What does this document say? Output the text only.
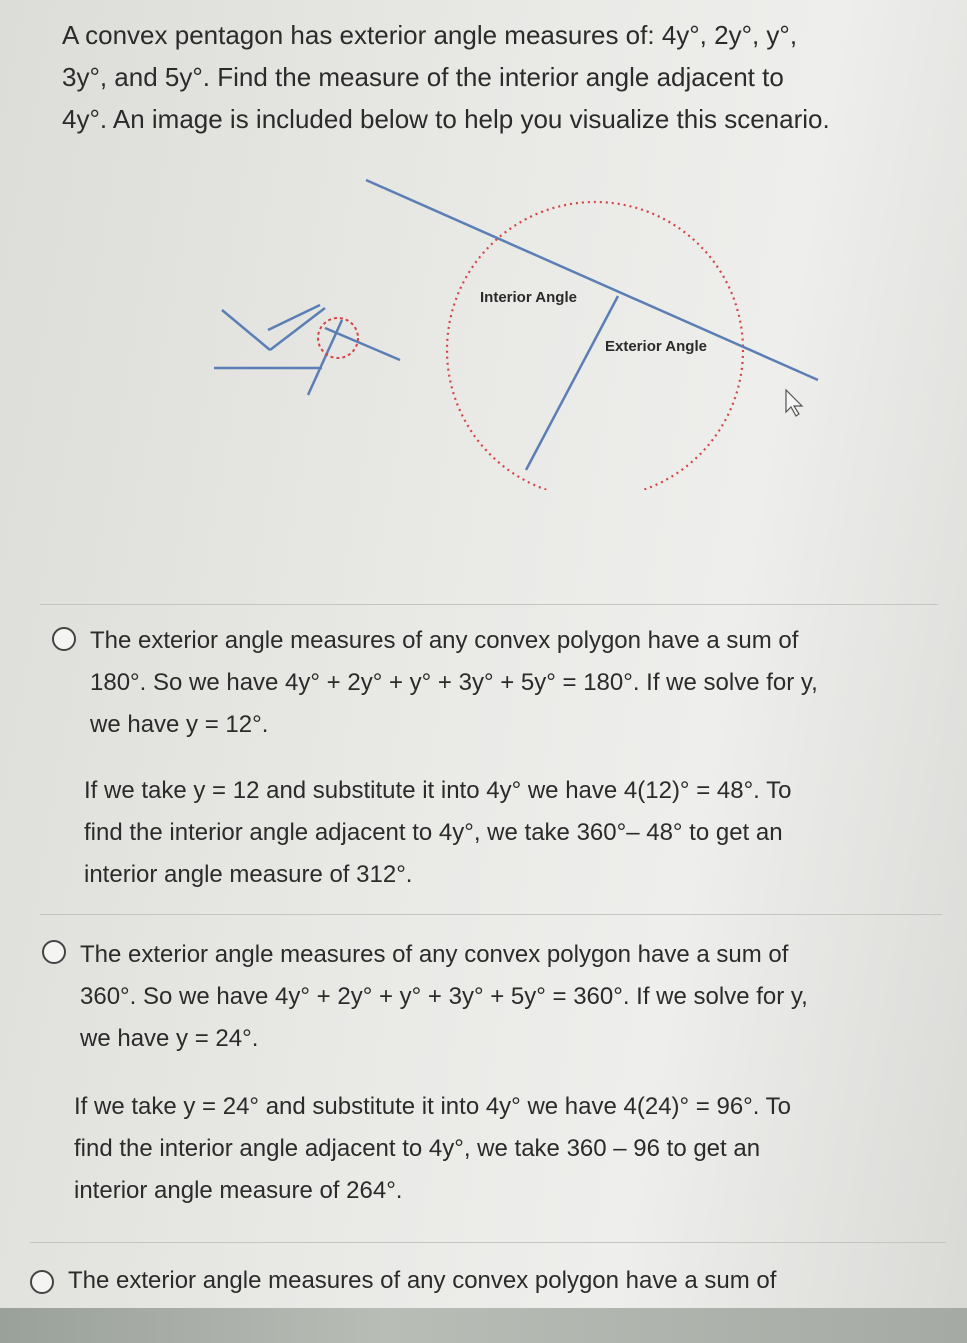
A convex pentagon has exterior angle measures of: 4y°, 2y°, y°,
3y°, and 5y°. Find the measure of the interior angle adjacent to
4y°. An image is included below to help you visualize this scenario.
Interior Angle
Exterior Angle
The exterior angle measures of any convex polygon have a sum of
180°. So we have 4y° + 2y° + y° + 3y° + 5y° = 180°. If we solve for y,
we have y = 12°.
If we take y = 12 and substitute it into 4y° we have 4(12)° = 48°. To
find the interior angle adjacent to 4y°, we take 360°– 48° to get an
interior angle measure of 312°.
The exterior angle measures of any convex polygon have a sum of
360°. So we have 4y° + 2y° + y° + 3y° + 5y° = 360°. If we solve for y,
we have y = 24°.
If we take y = 24° and substitute it into 4y° we have 4(24)° = 96°. To
find the interior angle adjacent to 4y°, we take 360 – 96 to get an
interior angle measure of 264°.
The exterior angle measures of any convex polygon have a sum of
